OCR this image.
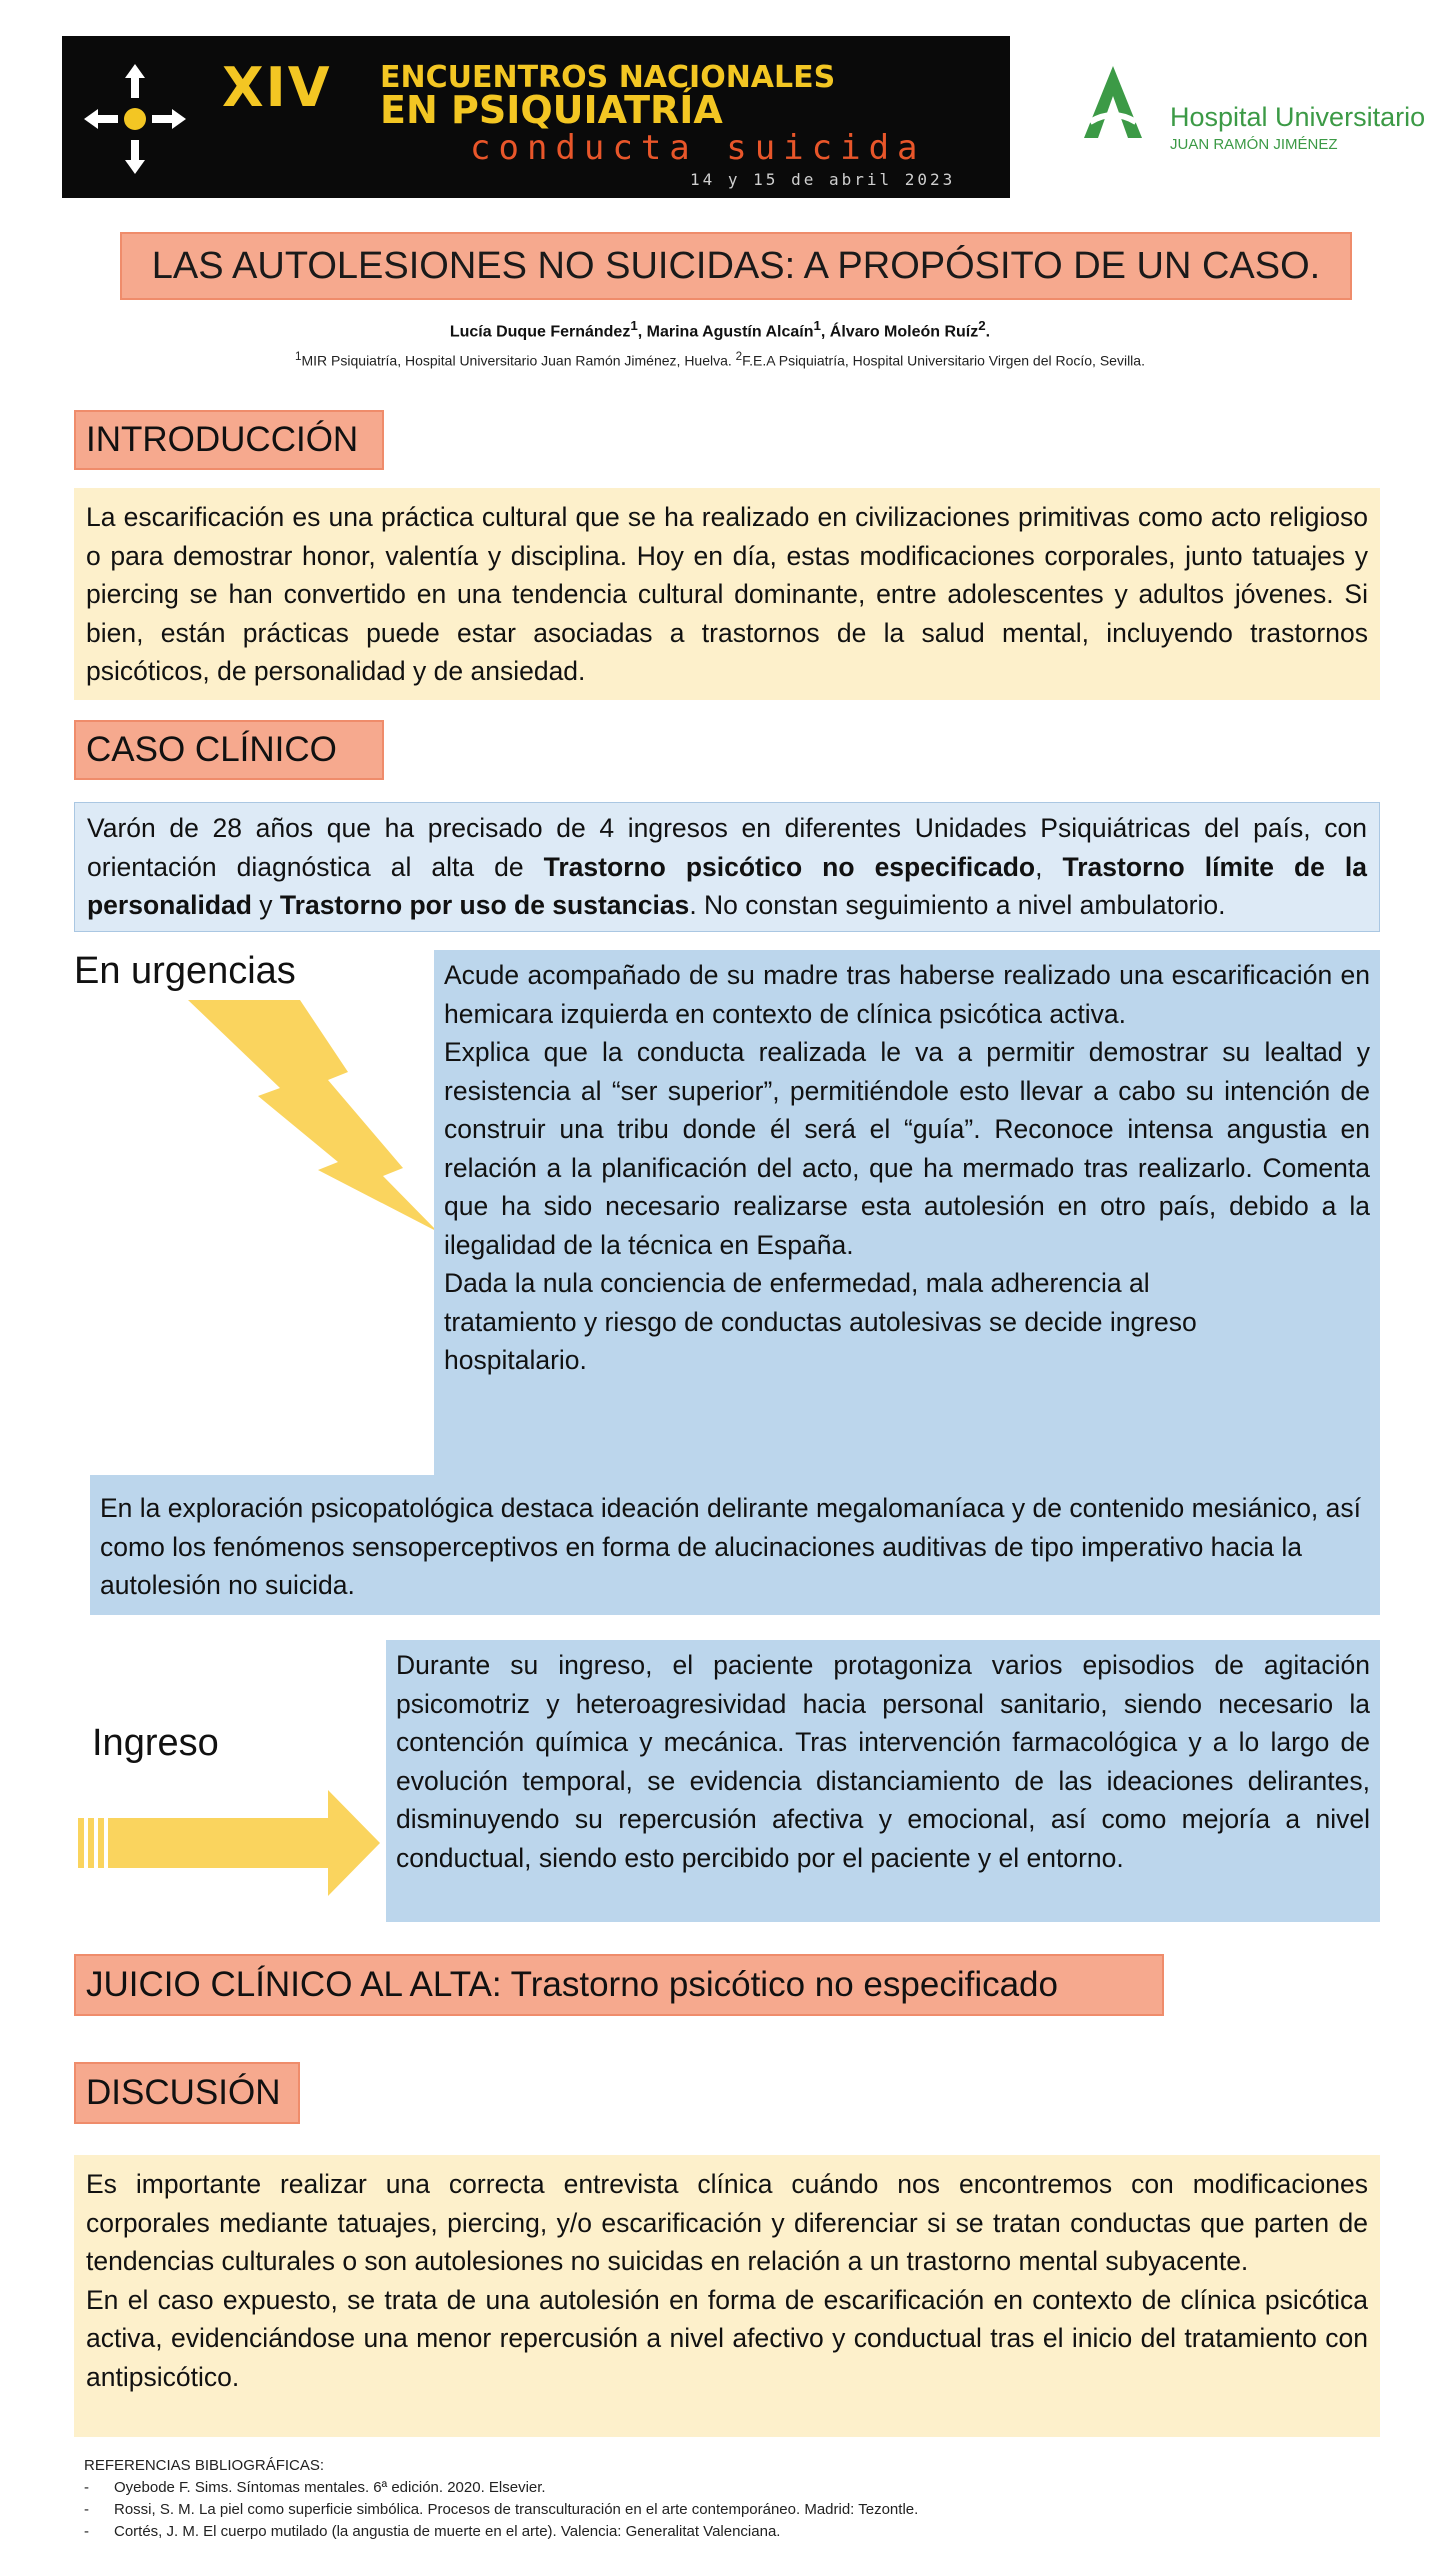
XIV ENCUENTROS NACIONALES
EN PSIQUIATRÍA
conducta suicida
14 y 15 de abril 2023
Hospital Universitario
JUAN RAMÓN JIMÉNEZ
LAS AUTOLESIONES NO SUICIDAS: A PROPÓSITO DE UN CASO.
Lucía Duque Fernández$^1$, Marina Agustín Alcaín$^1$, Álvaro Moleón Ruíz$^2$.
$^1$MIR Psiquiatría, Hospital Universitario Juan Ramón Jiménez, Huelva. $^2$F.E.A Psiquiatría, Hospital Universitario Virgen del Rocío, Sevilla.
INTRODUCCIÓN

La escarificación es una práctica cultural que se ha realizado en civilizaciones primitivas como acto religioso o para demostrar honor, valentía y disciplina. Hoy en día, estas modificaciones corporales, junto tatuajes y piercing se han convertido en una tendencia cultural dominante, entre adolescentes y adultos jóvenes. Si bien, están prácticas puede estar asociadas a trastornos de la salud mental, incluyendo trastornos psicóticos, de personalidad y de ansiedad.

CASO CLÍNICO

Varón de 28 años que ha precisado de 4 ingresos en diferentes Unidades Psiquiátricas del país, con orientación diagnóstica al alta de Trastorno psicótico no especificado, Trastorno límite de la personalidad y Trastorno por uso de sustancias. No constan seguimiento a nivel ambulatorio.

En urgencias	Acude acompañado de su madre tras haberse realizado una escarificación en hemicara izquierda en contexto de clínica psicótica activa.

Explica que la conducta realizada le va a permitir demostrar su lealtad y resistencia al “ser superior”, permitiéndole esto llevar a cabo su intención de construir una tribu donde él será el “guía”. Reconoce intensa angustia en relación a la planificación del acto, que ha mermado tras realizarlo. Comenta que ha sido necesario realizarse esta autolesión en otro país, debido a la ilegalidad de la técnica en España.

Dada la nula conciencia de enfermedad, mala adherencia al tratamiento y riesgo de conductas autolesivas se decide ingreso hospitalario.

En la exploración psicopatológica destaca ideación delirante megalomaníaca y de contenido mesiánico, así como los fenómenos sensoperceptivos en forma de alucinaciones auditivas de tipo imperativo hacia la autolesión no suicida.

Ingreso

Durante su ingreso, el paciente protagoniza varios episodios de agitación psicomotriz y heteroagresividad hacia personal sanitario, siendo necesario la contención química y mecánica. Tras intervención farmacológica y a lo largo de evolución temporal, se evidencia distanciamiento de las ideaciones delirantes, disminuyendo su repercusión afectiva y emocional, así como mejoría a nivel conductual, siendo esto percibido por el paciente y el entorno.

JUICIO CLÍNICO AL ALTA: Trastorno psicótico no especificado
DISCUSIÓN

Es importante realizar una correcta entrevista clínica cuándo nos encontremos con modificaciones corporales mediante tatuajes, piercing, y/o escarificación y diferenciar si se tratan conductas que parten de tendencias culturales o son autolesiones no suicidas en relación a un trastorno mental subyacente.

En el caso expuesto, se trata de una autolesión en forma de escarificación en contexto de clínica psicótica activa, evidenciándose una menor repercusión a nivel afectivo y conductual tras el inicio del tratamiento con antipsicótico.

REFERENCIAS BIBLIOGRÁFICAS:
-	Oyebode F. Sims. Síntomas mentales. 6ª edición. 2020. Elsevier.
-	Rossi, S. M. La piel como superficie simbólica. Procesos de transculturación en el arte contemporáneo. Madrid: Tezontle.
-	Cortés, J. M. El cuerpo mutilado (la angustia de muerte en el arte). Valencia: Generalitat Valenciana.
